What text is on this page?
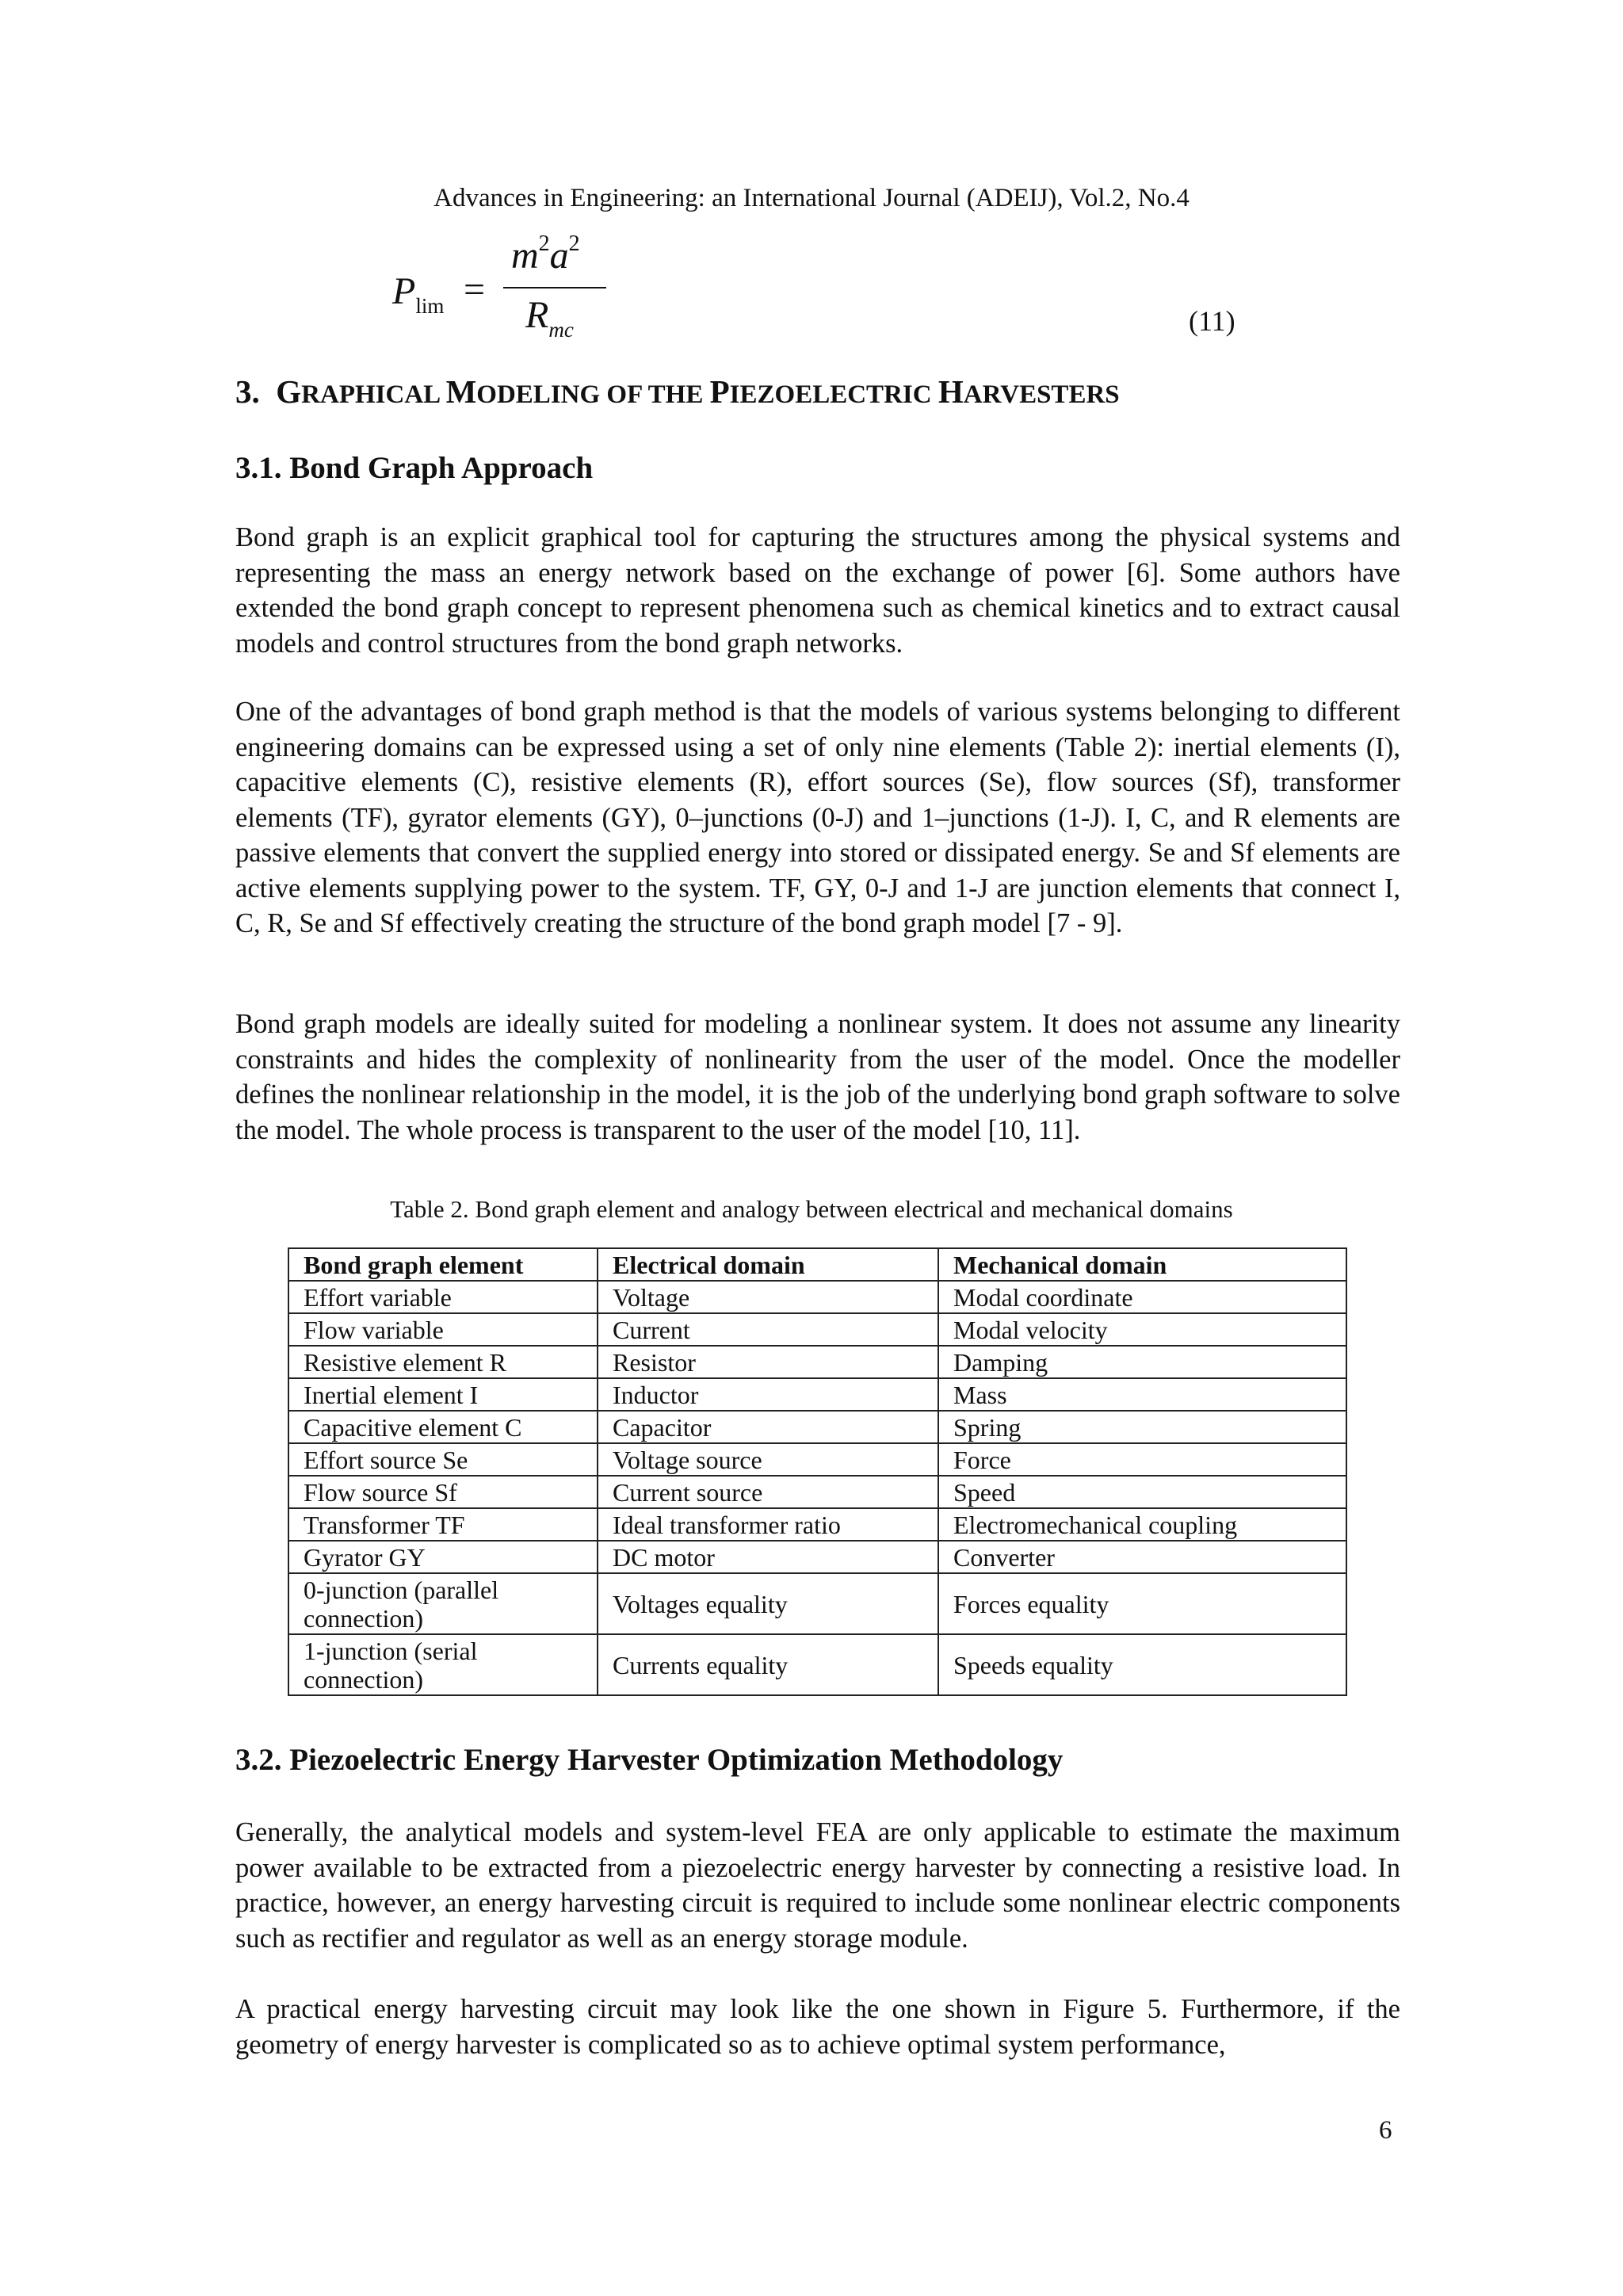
Advances in Engineering: an International Journal (ADEIJ), Vol.2, No.4
$P_{lim}$ =
$m^2a^2$
$R_{mc}$	(11)
3. GRAPHICAL MODELING OF THE PIEZOELECTRIC HARVESTERS
3.1. Bond Graph Approach

Bond graph is an explicit graphical tool for capturing the structures among the physical systems and representing the mass an energy network based on the exchange of power [6]. Some authors have extended the bond graph concept to represent phenomena such as chemical kinetics and to extract causal models and control structures from the bond graph networks.

One of the advantages of bond graph method is that the models of various systems belonging to different engineering domains can be expressed using a set of only nine elements (Table 2): inertial elements (I), capacitive elements (C), resistive elements (R), effort sources (Se), flow sources (Sf), transformer elements (TF), gyrator elements (GY), 0–junctions (0-J) and 1–junctions (1-J). I, C, and R elements are passive elements that convert the supplied energy into stored or dissipated energy. Se and Sf elements are active elements supplying power to the system. TF, GY, 0-J and 1-J are junction elements that connect I, C, R, Se and Sf effectively creating the structure of the bond graph model [7 - 9].

Bond graph models are ideally suited for modeling a nonlinear system. It does not assume any linearity constraints and hides the complexity of nonlinearity from the user of the model. Once the modeller defines the nonlinear relationship in the model, it is the job of the underlying bond graph software to solve the model. The whole process is transparent to the user of the model [10, 11].

Table 2. Bond graph element and analogy between electrical and mechanical domains
Bond graph element	Electrical domain	Mechanical domain
Effort variable	Voltage	Modal coordinate
Flow variable	Current	Modal velocity
Resistive element R	Resistor	Damping
Inertial element I	Inductor	Mass
Capacitive element C	Capacitor	Spring
Effort source Se	Voltage source	Force
Flow source Sf	Current source	Speed
Transformer TF	Ideal transformer ratio	Electromechanical coupling
Gyrator GY	DC motor	Converter
0-junction (parallel connection)	Voltages equality	Forces equality
1-junction (serial connection)	Currents equality	Speeds equality
3.2. Piezoelectric Energy Harvester Optimization Methodology

Generally, the analytical models and system-level FEA are only applicable to estimate the maximum power available to be extracted from a piezoelectric energy harvester by connecting a resistive load. In practice, however, an energy harvesting circuit is required to include some nonlinear electric components such as rectifier and regulator as well as an energy storage module.

A practical energy harvesting circuit may look like the one shown in Figure 5. Furthermore, if the geometry of energy harvester is complicated so as to achieve optimal system performance,

6
